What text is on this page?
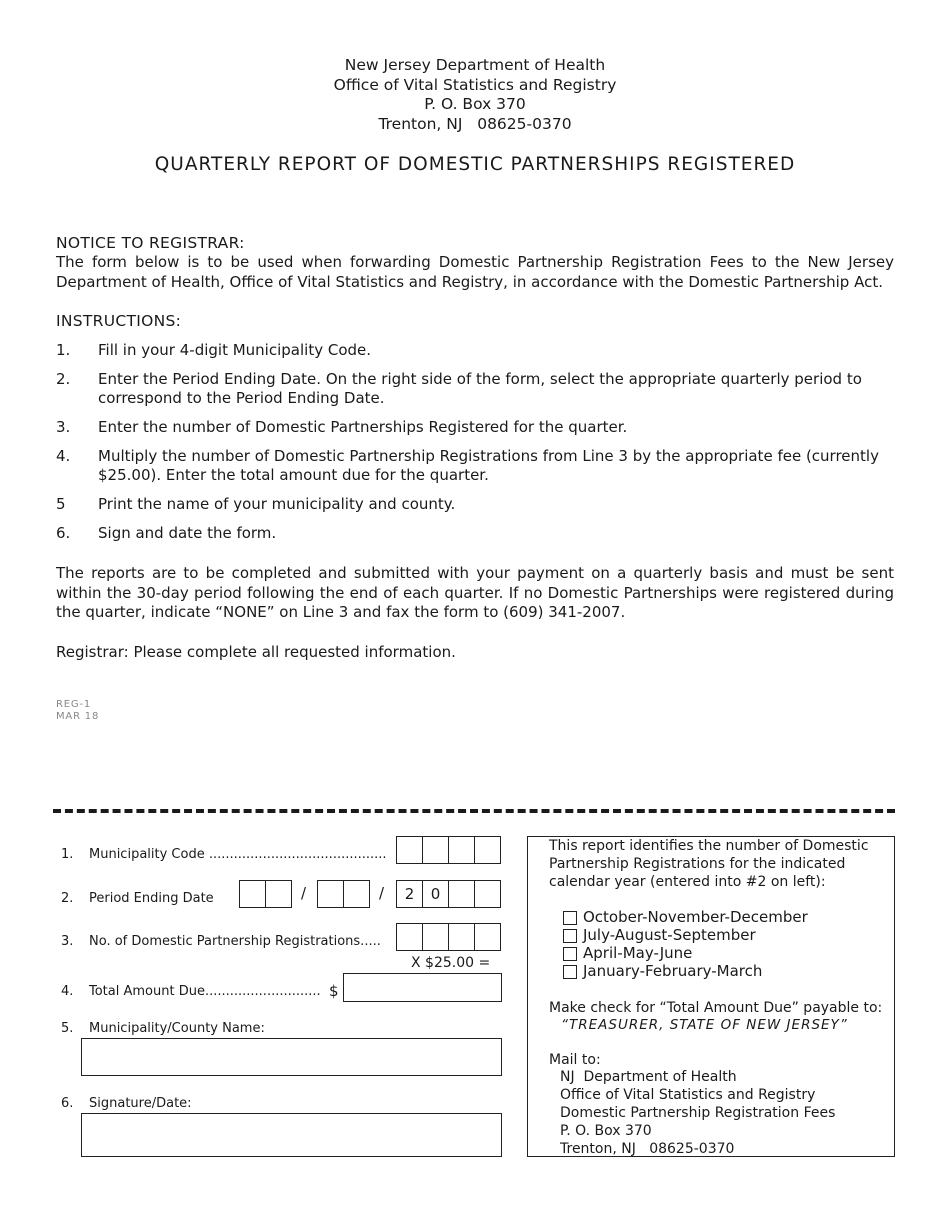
New Jersey Department of Health
Office of Vital Statistics and Registry
P. O. Box 370
Trenton, NJ   08625-0370
QUARTERLY REPORT OF DOMESTIC PARTNERSHIPS REGISTERED
NOTICE TO REGISTRAR:
The form below is to be used when forwarding Domestic Partnership Registration Fees to the New Jersey Department of Health, Office of Vital Statistics and Registry, in accordance with the Domestic Partnership Act.
INSTRUCTIONS:
1. Fill in your 4-digit Municipality Code.
2. Enter the Period Ending Date. On the right side of the form, select the appropriate quarterly period to correspond to the Period Ending Date.
3. Enter the number of Domestic Partnerships Registered for the quarter.
4. Multiply the number of Domestic Partnership Registrations from Line 3 by the appropriate fee (currently $25.00). Enter the total amount due for the quarter.
5 Print the name of your municipality and county.
6. Sign and date the form.
The reports are to be completed and submitted with your payment on a quarterly basis and must be sent within the 30-day period following the end of each quarter. If no Domestic Partnerships were registered during the quarter, indicate “NONE” on Line 3 and fax the form to (609) 341-2007.
Registrar: Please complete all requested information.
REG-1
MAR 18
1. Municipality Code ...........................................
2. Period Ending Date	/	/	2	0
3. No. of Domestic Partnership Registrations.....
X $25.00 =
4. Total Amount Due............................ $
5. Municipality/County Name:
6. Signature/Date:
This report identifies the number of Domestic Partnership Registrations for the indicated calendar year (entered into #2 on left):
October-November-December
July-August-September
April-May-June
January-February-March
Make check for “Total Amount Due” payable to:
“TREASURER, STATE OF NEW JERSEY”
Mail to:
NJ  Department of Health
Office of Vital Statistics and Registry
Domestic Partnership Registration Fees
P. O. Box 370
Trenton, NJ   08625-0370
